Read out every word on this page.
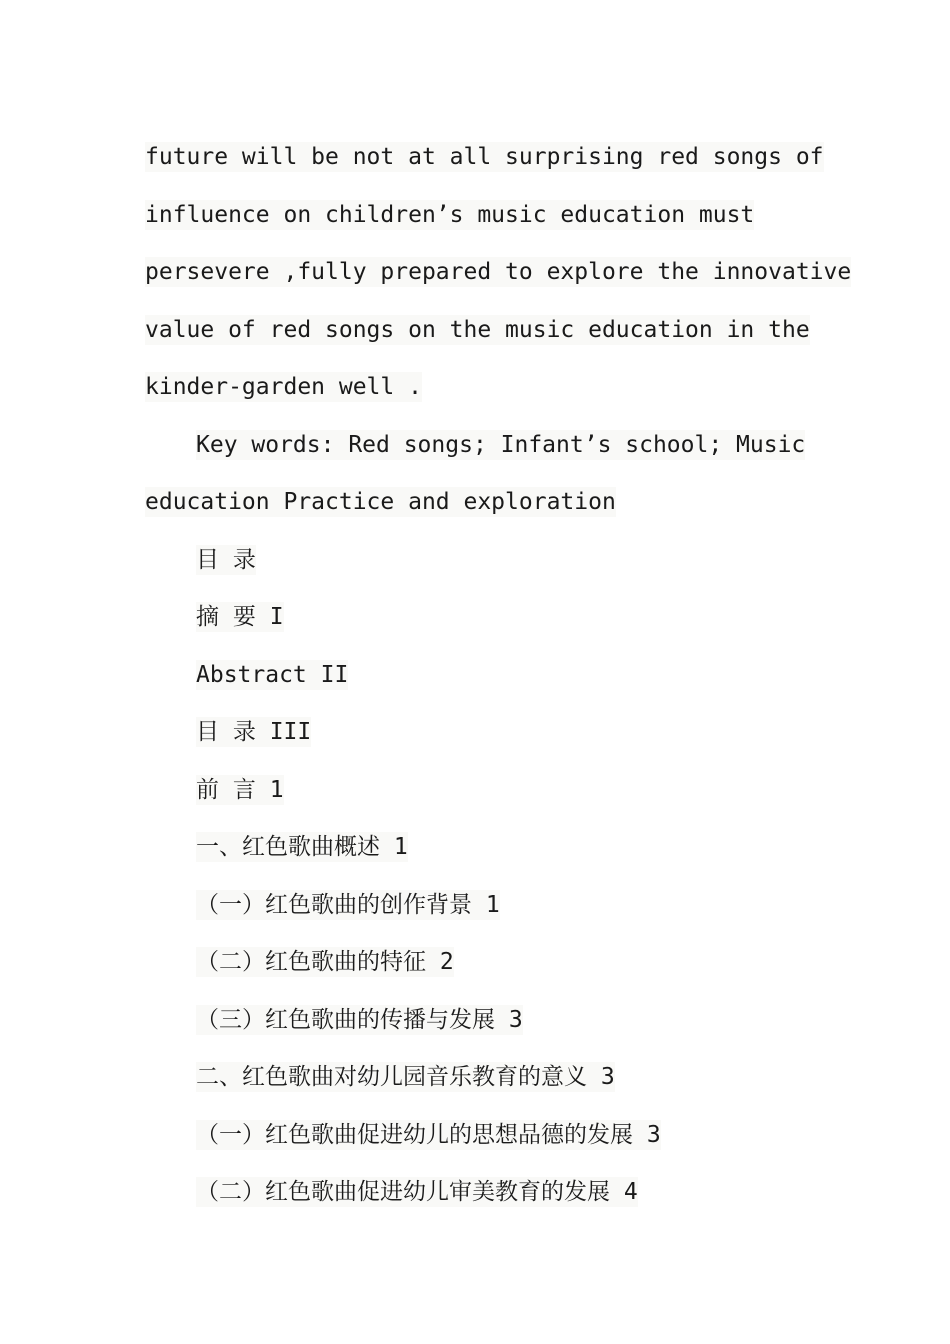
future will be not at all surprising red songs of
influence on children’s music education must
persevere ,fully prepared to explore the innovative
value of red songs on the music education in the
kinder-garden well .
Key words: Red songs; Infant’s school; Music
education Practice and exploration
目 录
摘 要 I
Abstract II
目 录 III
前 言 1
一、红色歌曲概述 1
（一）红色歌曲的创作背景 1
（二）红色歌曲的特征 2
（三）红色歌曲的传播与发展 3
二、红色歌曲对幼儿园音乐教育的意义 3
（一）红色歌曲促进幼儿的思想品德的发展 3
（二）红色歌曲促进幼儿审美教育的发展 4
